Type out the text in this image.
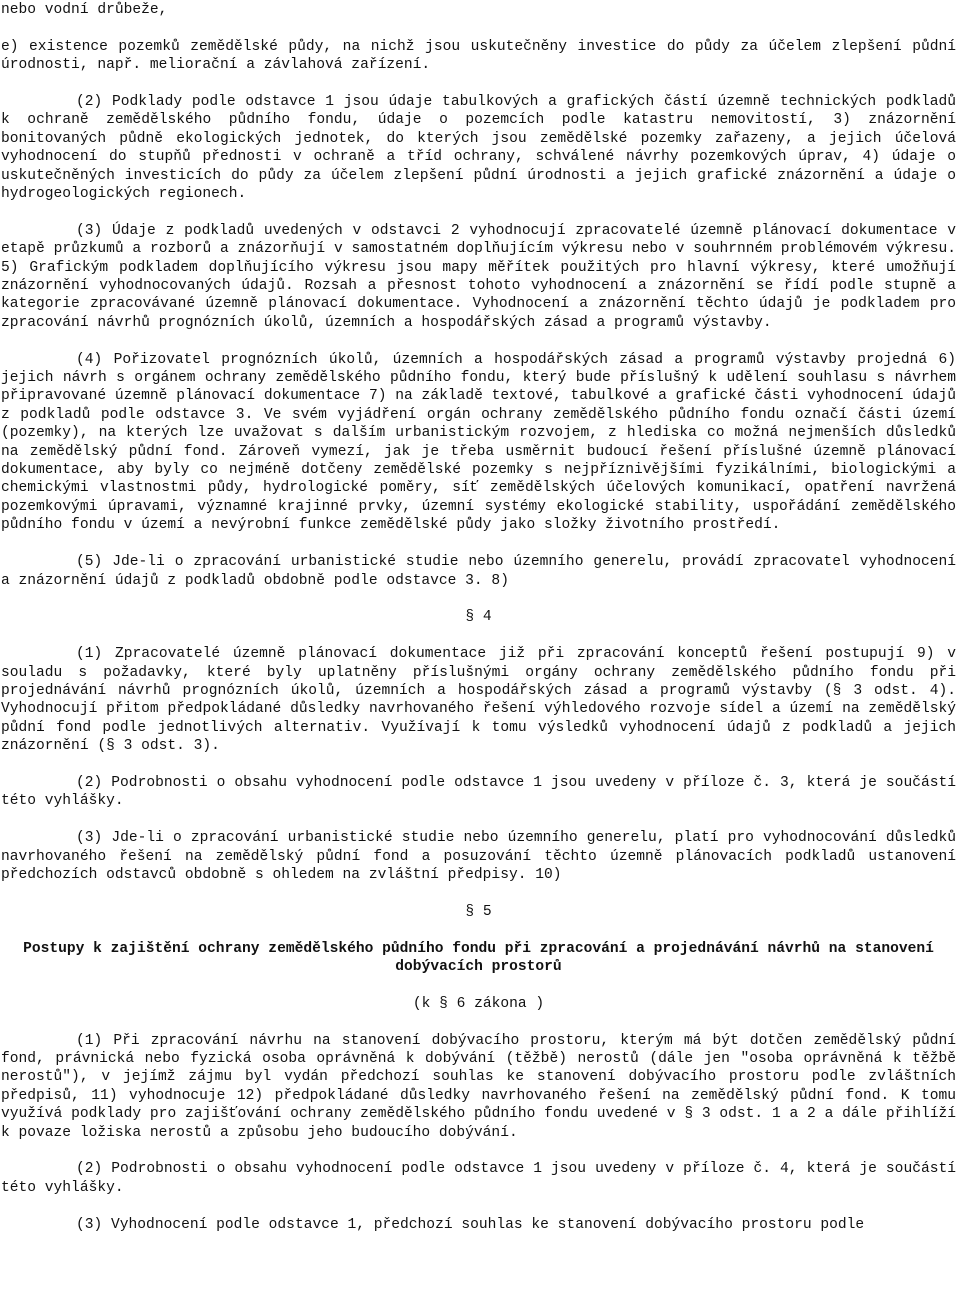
nebo vodní drůbeže,

e) existence pozemků zemědělské půdy, na nichž jsou uskutečněny investice do půdy za účelem zlepšení půdní úrodnosti, např. meliorační a závlahová zařízení.

(2) Podklady podle odstavce 1 jsou údaje tabulkových a grafických částí územně technických podkladů k ochraně zemědělského půdního fondu, údaje o pozemcích podle katastru nemovitostí, 3) znázornění bonitovaných půdně ekologických jednotek, do kterých jsou zemědělské pozemky zařazeny, a jejich účelová vyhodnocení do stupňů přednosti v ochraně a tříd ochrany, schválené návrhy pozemkových úprav, 4) údaje o uskutečněných investicích do půdy za účelem zlepšení půdní úrodnosti a jejich grafické znázornění a údaje o hydrogeologických regionech.

(3) Údaje z podkladů uvedených v odstavci 2 vyhodnocují zpracovatelé územně plánovací dokumentace v etapě průzkumů a rozborů a znázorňují v samostatném doplňujícím výkresu nebo v souhrnném problémovém výkresu. 5) Grafickým podkladem doplňujícího výkresu jsou mapy měřítek použitých pro hlavní výkresy, které umožňují znázornění vyhodnocovaných údajů. Rozsah a přesnost tohoto vyhodnocení a znázornění se řídí podle stupně a kategorie zpracovávané územně plánovací dokumentace. Vyhodnocení a znázornění těchto údajů je podkladem pro zpracování návrhů prognózních úkolů, územních a hospodářských zásad a programů výstavby.

(4) Pořizovatel prognózních úkolů, územních a hospodářských zásad a programů výstavby projedná 6) jejich návrh s orgánem ochrany zemědělského půdního fondu, který bude příslušný k udělení souhlasu s návrhem připravované územně plánovací dokumentace 7) na základě textové, tabulkové a grafické části vyhodnocení údajů z podkladů podle odstavce 3. Ve svém vyjádření orgán ochrany zemědělského půdního fondu označí části území (pozemky), na kterých lze uvažovat s dalším urbanistickým rozvojem, z hlediska co možná nejmenších důsledků na zemědělský půdní fond. Zároveň vymezí, jak je třeba usměrnit budoucí řešení příslušné územně plánovací dokumentace, aby byly co nejméně dotčeny zemědělské pozemky s nejpříznivějšími fyzikálními, biologickými a chemickými vlastnostmi půdy, hydrologické poměry, síť zemědělských účelových komunikací, opatření navržená pozemkovými úpravami, významné krajinné prvky, územní systémy ekologické stability, uspořádání zemědělského půdního fondu v území a nevýrobní funkce zemědělské půdy jako složky životního prostředí.

(5) Jde-li o zpracování urbanistické studie nebo územního generelu, provádí zpracovatel vyhodnocení a znázornění údajů z podkladů obdobně podle odstavce 3. 8)

§ 4

(1) Zpracovatelé územně plánovací dokumentace již při zpracování konceptů řešení postupují 9) v souladu s požadavky, které byly uplatněny příslušnými orgány ochrany zemědělského půdního fondu při projednávání návrhů prognózních úkolů, územních a hospodářských zásad a programů výstavby (§ 3 odst. 4). Vyhodnocují přitom předpokládané důsledky navrhovaného řešení výhledového rozvoje sídel a území na zemědělský půdní fond podle jednotlivých alternativ. Využívají k tomu výsledků vyhodnocení údajů z podkladů a jejich znázornění (§ 3 odst. 3).

(2) Podrobnosti o obsahu vyhodnocení podle odstavce 1 jsou uvedeny v příloze č. 3, která je součástí této vyhlášky.

(3) Jde-li o zpracování urbanistické studie nebo územního generelu, platí pro vyhodnocování důsledků navrhovaného řešení na zemědělský půdní fond a posuzování těchto územně plánovacích podkladů ustanovení předchozích odstavců obdobně s ohledem na zvláštní předpisy. 10)

§ 5
Postupy k zajištění ochrany zemědělského půdního fondu při zpracování a projednávání návrhů na stanovení dobývacích prostorů
(k § 6 zákona )

(1) Při zpracování návrhu na stanovení dobývacího prostoru, kterým má být dotčen zemědělský půdní fond, právnická nebo fyzická osoba oprávněná k dobývání (těžbě) nerostů (dále jen "osoba oprávněná k těžbě nerostů"), v jejímž zájmu byl vydán předchozí souhlas ke stanovení dobývacího prostoru podle zvláštních předpisů, 11) vyhodnocuje 12) předpokládané důsledky navrhovaného řešení na zemědělský půdní fond. K tomu využívá podklady pro zajišťování ochrany zemědělského půdního fondu uvedené v § 3 odst. 1 a 2 a dále přihlíží k povaze ložiska nerostů a způsobu jeho budoucího dobývání.

(2) Podrobnosti o obsahu vyhodnocení podle odstavce 1 jsou uvedeny v příloze č. 4, která je součástí této vyhlášky.

(3) Vyhodnocení podle odstavce 1, předchozí souhlas ke stanovení dobývacího prostoru podle
